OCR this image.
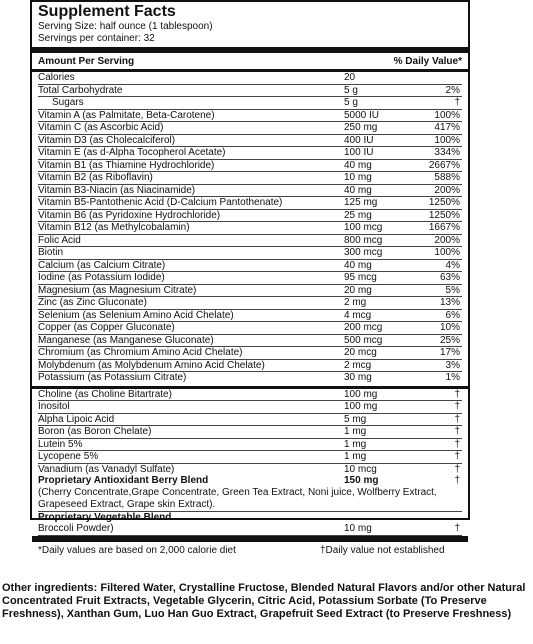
Supplement Facts
Serving Size: half ounce (1 tablespoon)
Servings per container: 32
Amount Per Serving	% Daily Value*
Calories	20
Total Carbohydrate	5 g	2%
Sugars	5 g	†
Vitamin A (as Palmitate, Beta-Carotene)	5000 IU	100%
Vitamin C (as Ascorbic Acid)	250 mg	417%
Vitamin D3 (as Cholecalciferol)	400 IU	100%
Vitamin E (as d-Alpha Tocopherol Acetate)	100 IU	334%
Vitamin B1 (as Thiamine Hydrochloride)	40 mg	2667%
Vitamin B2 (as Riboflavin)	10 mg	588%
Vitamin B3-Niacin (as Niacinamide)	40 mg	200%
Vitamin B5-Pantothenic Acid (D-Calcium Pantothenate)	125 mg	1250%
Vitamin B6 (as Pyridoxine Hydrochloride)	25 mg	1250%
Vitamin B12 (as Methylcobalamin)	100 mcg	1667%
Folic Acid	800 mcg	200%
Biotin	300 mcg	100%
Calcium (as Calcium Citrate)	40 mg	4%
Iodine (as Potassium Iodide)	95 mcg	63%
Magnesium (as Magnesium Citrate)	20 mg	5%
Zinc (as Zinc Gluconate)	2 mg	13%
Selenium (as Selenium Amino Acid Chelate)	4 mcg	6%
Copper (as Copper Gluconate)	200 mcg	10%
Manganese (as Manganese Gluconate)	500 mcg	25%
Chromium (as Chromium Amino Acid Chelate)	20 mcg	17%
Molybdenum (as Molybdenum Amino Acid Chelate)	2 mcg	3%
Potassium (as Potassium Citrate)	30 mg	1%
Choline (as Choline Bitartrate)	100 mg	†
Inositol	100 mg	†
Alpha Lipoic Acid	5 mg	†
Boron (as Boron Chelate)	1 mg	†
Lutein 5%	1 mg	†
Lycopene 5%	1 mg	†
Vanadium (as Vanadyl Sulfate)	10 mcg	†
Proprietary Antioxidant Berry Blend	150 mg	†
(Cherry Concentrate,Grape Concentrate, Green Tea Extract, Noni juice, Wolfberry Extract, Grapeseed Extract, Grape skin Extract).
Proprietary Vegetable Blend
Broccoli Powder)	10 mg	†
*Daily values are based on 2,000 calorie diet	†Daily value not established
Other ingredients: Filtered Water, Crystalline Fructose, Blended Natural Flavors and/or other Natural Concentrated Fruit Extracts, Vegetable Glycerin, Citric Acid, Potassium Sorbate (To Preserve Freshness), Xanthan Gum, Luo Han Guo Extract, Grapefruit Seed Extract (to Preserve Freshness)
